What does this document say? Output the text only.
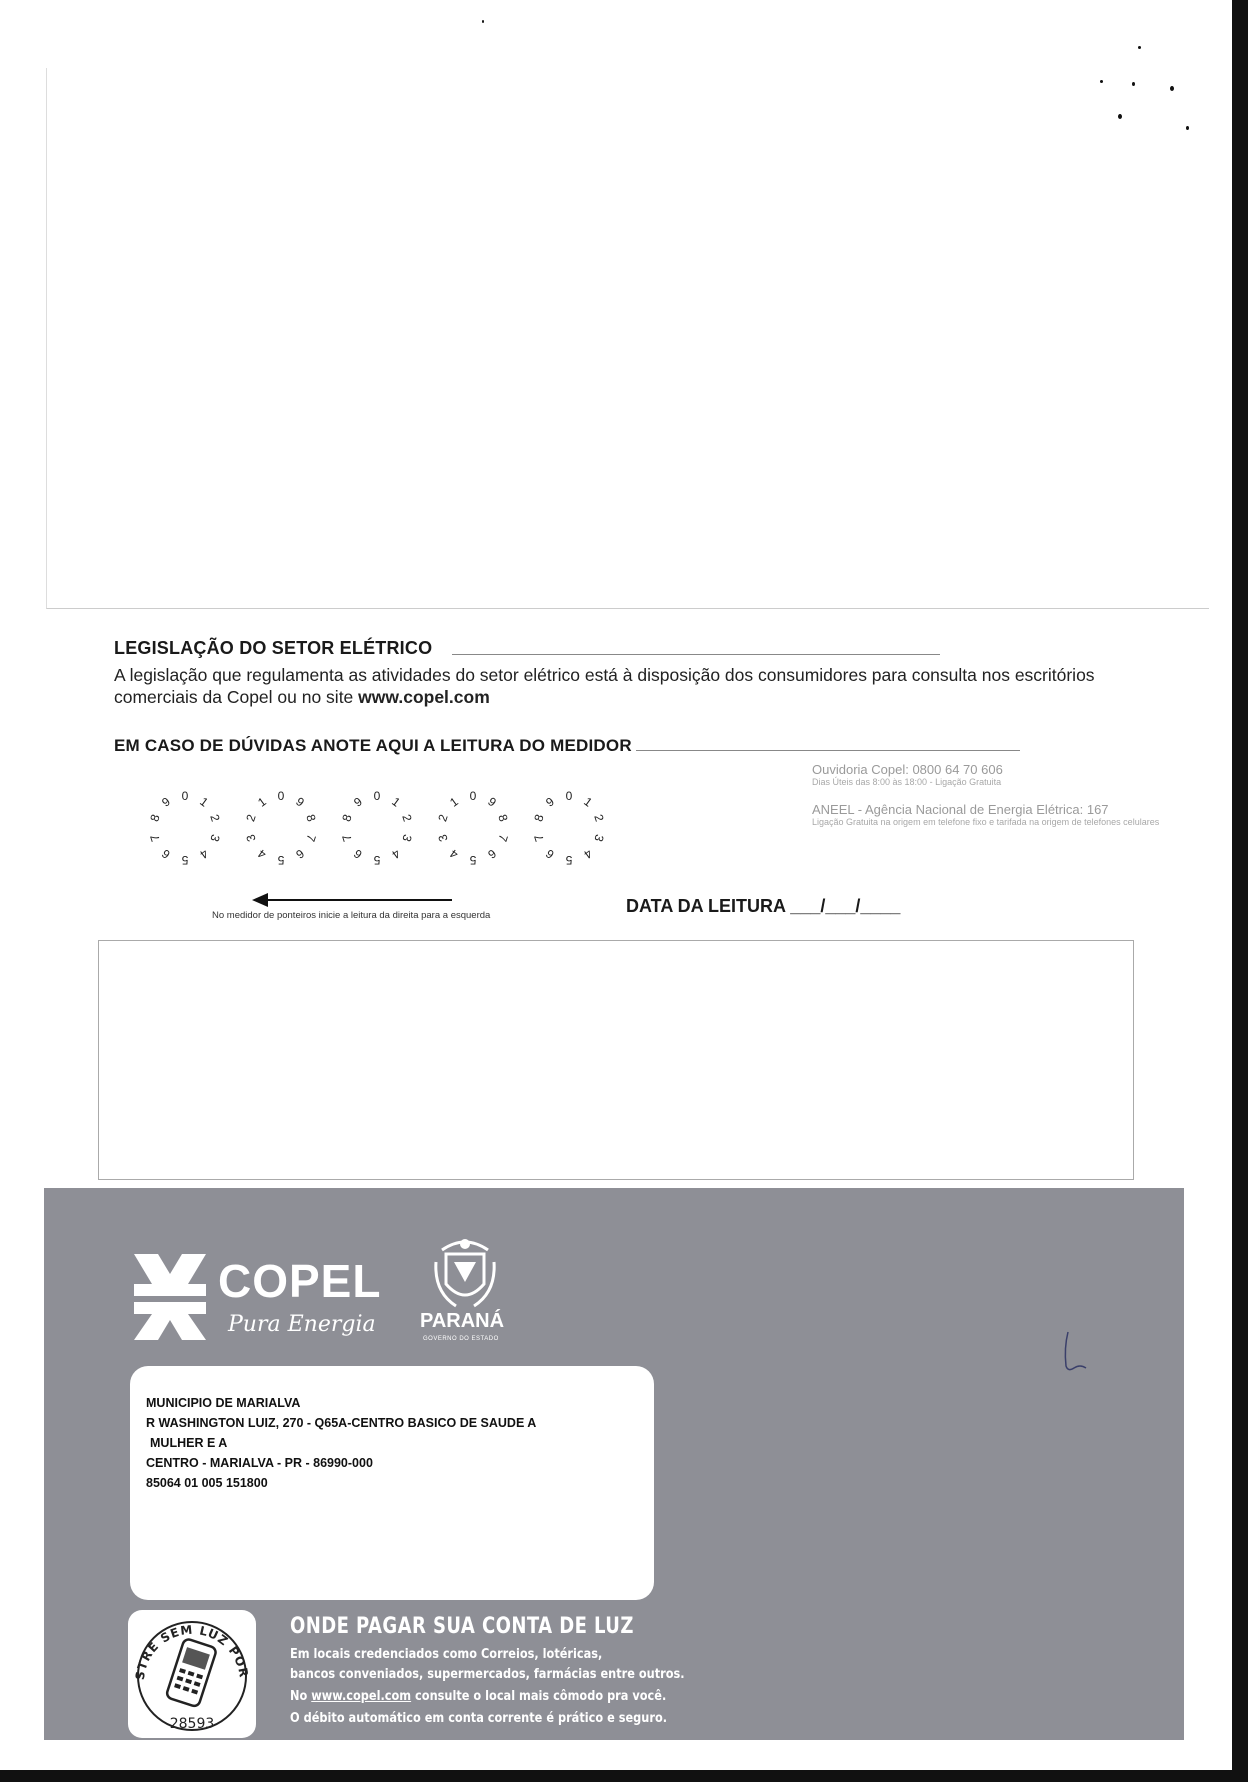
LEGISLAÇÃO DO SETOR ELÉTRICO
A legislação que regulamenta as atividades do setor elétrico está à disposição dos consumidores para consulta nos escritórios comerciais da Copel ou no site www.copel.com
EM CASO DE DÚVIDAS ANOTE AQUI A LEITURA DO MEDIDOR
0 1
2
3
4
5
6
7
8
9	0
1
2
3
4 5 6
7
8
9	0 1
2
3
4
5
6
7
8
9	0
1
2
3
4 5 6
7
8
9	0 1
2
3
4
5
6
7
8
9
No medidor de ponteiros inicie a leitura da direita para a esquerda	DATA DA LEITURA ___/___/____
Ouvidoria Copel: 0800 64 70 606
Dias Úteis das 8:00 às 18:00 - Ligação Gratuita
ANEEL - Agência Nacional de Energia Elétrica: 167
Ligação Gratuita na origem em telefone fixo e tarifada na origem de telefones celulares
COPEL
Pura Energia PARANÁ
GOVERNO DO ESTADO
MUNICIPIO DE MARIALVA
R WASHINGTON LUIZ, 270 - Q65A-CENTRO BASICO DE SAUDE A
MULHER E A
CENTRO - MARIALVA - PR - 86990-000
85064 01 005 151800
STRE SEM LUZ POR
28593
ONDE PAGAR SUA CONTA DE LUZ
Em locais credenciados como Correios, lotéricas,
bancos conveniados, supermercados, farmácias entre outros.
No www.copel.com consulte o local mais cômodo pra você.
O débito automático em conta corrente é prático e seguro.
